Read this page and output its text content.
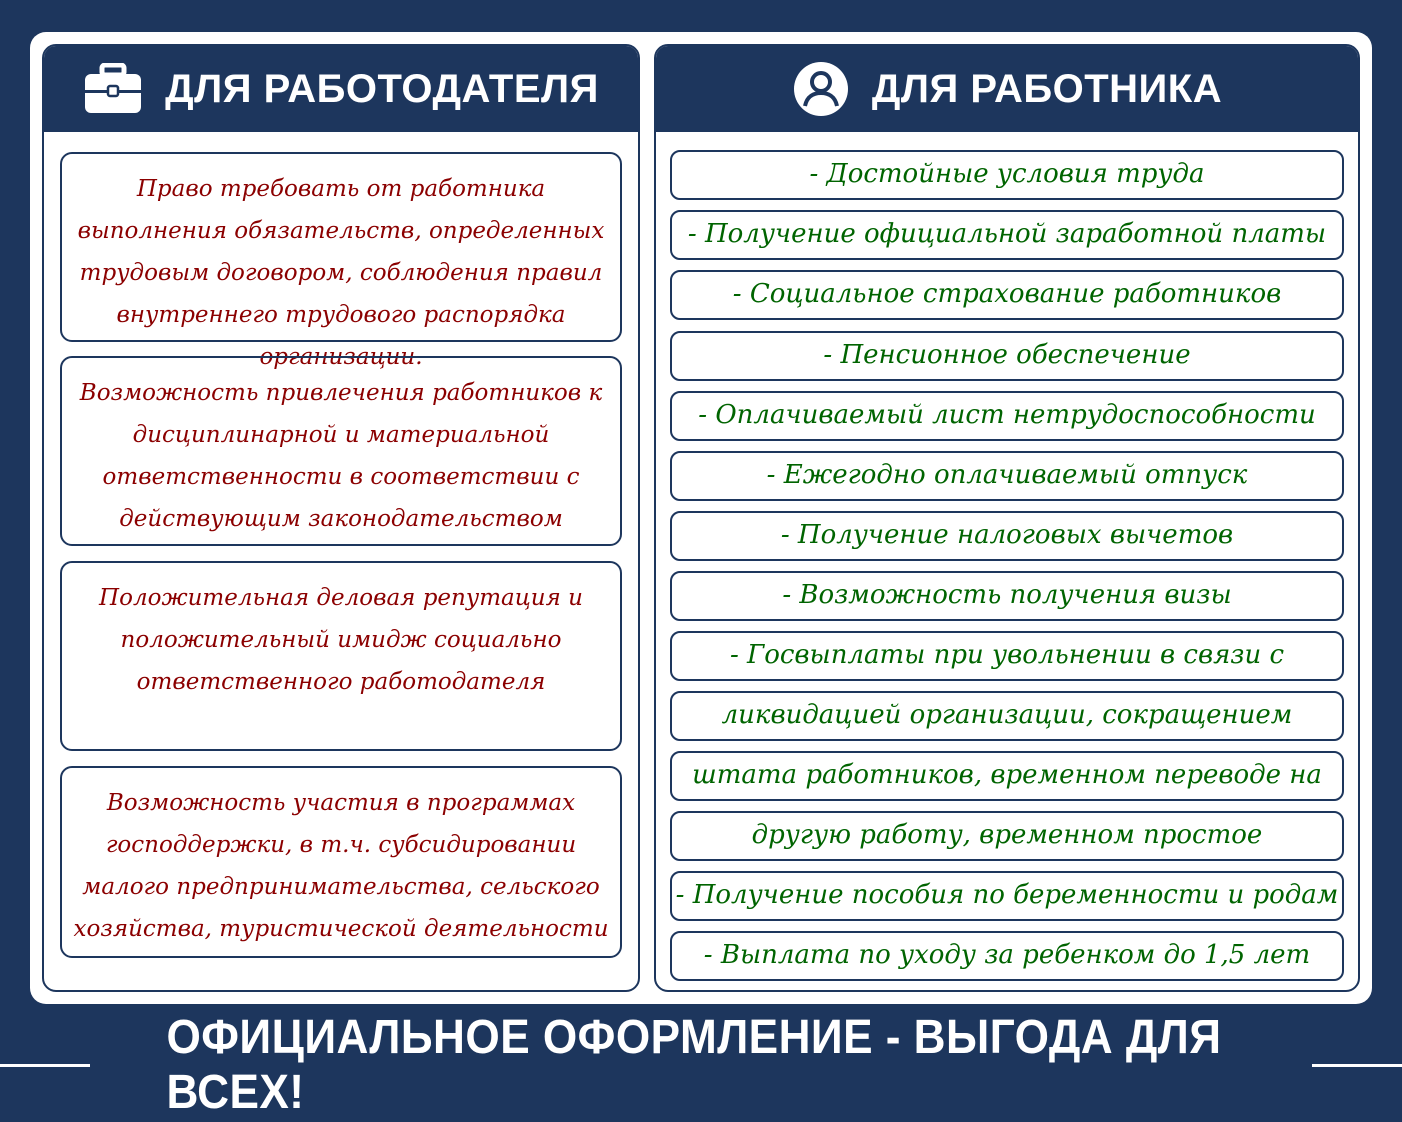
ДЛЯ РАБОТОДАТЕЛЯ
Право требовать от работника выполнения обязательств, определенных трудовым договором, соблюдения правил внутреннего трудового распорядка организации.
Возможность привлечения работников к дисциплинарной и материальной ответственности в соответствии с действующим законодательством
Положительная деловая репутация и положительный имидж социально ответственного работодателя
Возможность участия в программах господдержки, в т.ч. субсидировании малого предпринимательства, сельского хозяйства, туристической деятельности
ДЛЯ РАБОТНИКА
- Достойные условия труда
- Получение официальной заработной платы
- Социальное страхование работников
- Пенсионное обеспечение
- Оплачиваемый лист нетрудоспособности
- Ежегодно оплачиваемый отпуск
- Получение налоговых вычетов
- Возможность получения визы
- Госвыплаты при увольнении в связи с
ликвидацией организации, сокращением
штата работников, временном переводе на
другую работу, временном простое
- Получение пособия по беременности и родам
- Выплата по уходу за ребенком до 1,5 лет
ОФИЦИАЛЬНОЕ ОФОРМЛЕНИЕ - ВЫГОДА ДЛЯ ВСЕХ!
